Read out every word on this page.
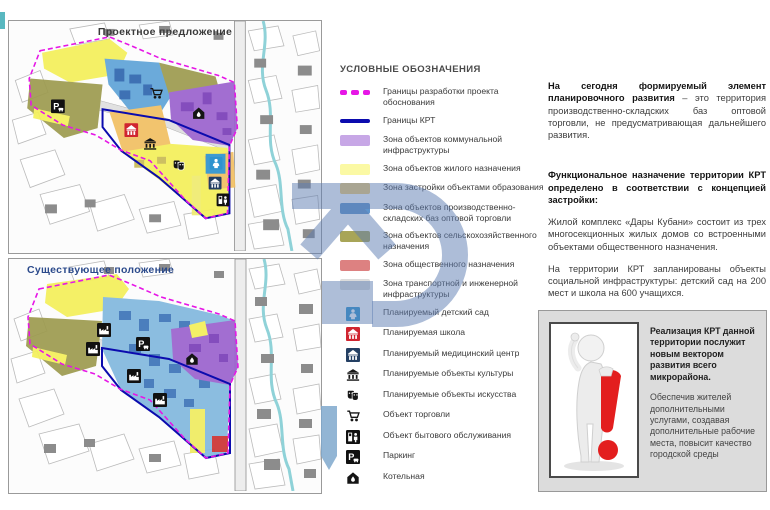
Проектное предложение
Существующее положение
УСЛОВНЫЕ ОБОЗНАЧЕНИЯ
Границы разработки проекта обоснования
Границы КРТ
Зона объектов коммунальной инфраструктуры
Зона объектов жилого назначения
Зона застройки объектами образования
Зона объектов производственно-складских баз оптовой торговли
Зона объектов сельскохозяйственного назначения
Зона общественного назначения
Зона транспортной и инженерной инфраструктуры
Планируемый детский сад
Планируемая школа
Планируемый медицинский центр
Планируемые объекты культуры
Планируемые объекты искусства
Объект торговли
Объект бытового обслуживания
Паркинг
Котельная

На сегодня формируемый элемент планировочного развития – это территория производственно-складских баз оптовой торговли, не предусматривающая дальнейшего развития.

Функциональное назначение территории КРТ определено в соответствии с концепцией застройки:

Жилой комплекс «Дары Кубани» состоит из трех многосекционных жилых домов со встроенными объектами общественного назначения.

На территории КРТ запланированы объекты социальной инфраструктуры: детский сад на 200 мест и школа на 600 учащихся.

Реализация КРТ данной территории послужит новым вектором развития всего микрорайона.
Обеспечив жителей дополнительными услугами, создавая дополнительные рабочие места, повысит качество городской среды
